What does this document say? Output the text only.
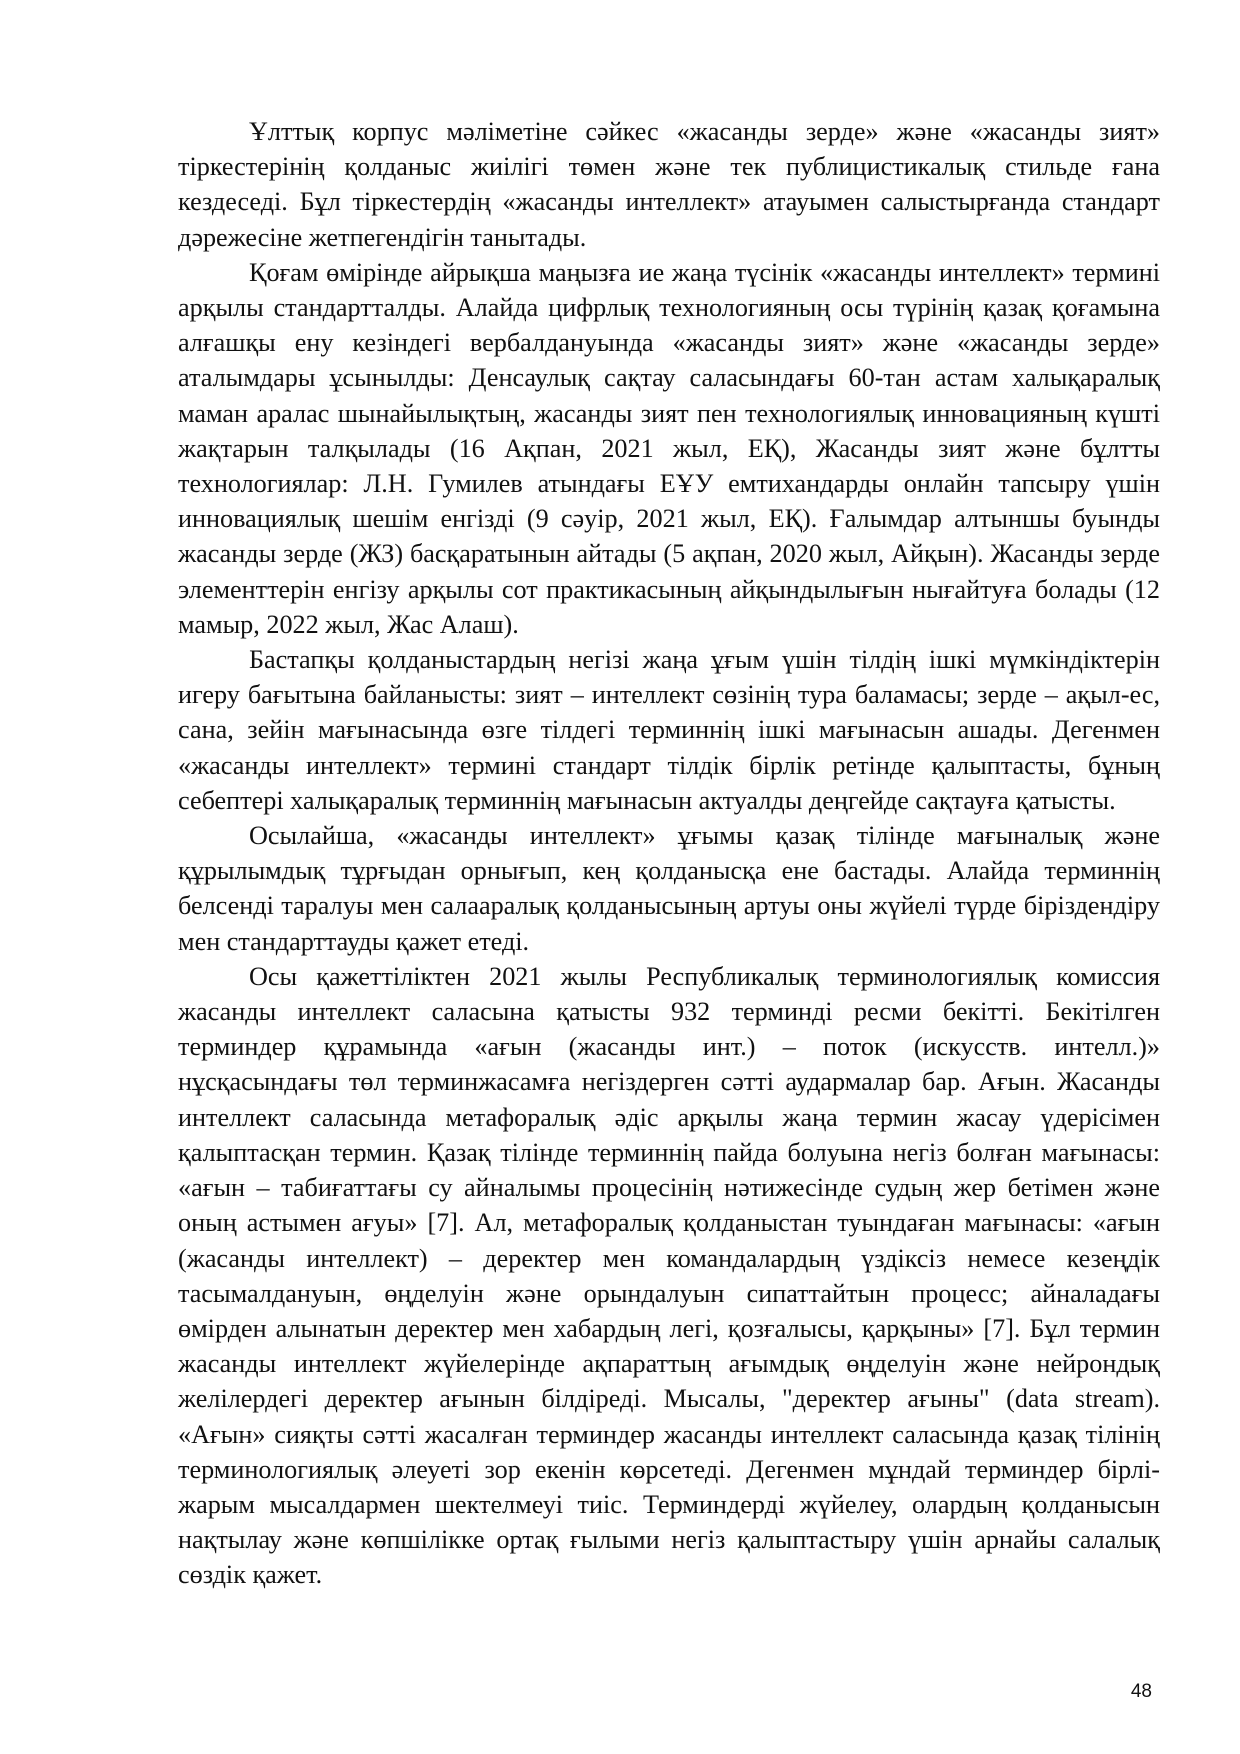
Ұлттық корпус мәліметіне сәйкес «жасанды зерде» және «жасанды зият» тіркестерінің қолданыс жиілігі төмен және тек публицистикалық стильде ғана кездеседі. Бұл тіркестердің «жасанды интеллект» атауымен салыстырғанда стандарт дәрежесіне жетпегендігін танытады.

Қоғам өмірінде айрықша маңызға ие жаңа түсінік «жасанды интеллект» термині арқылы стандартталды. Алайда цифрлық технологияның осы түрінің қазақ қоғамына алғашқы ену кезіндегі вербалдануында «жасанды зият» және «жасанды зерде» аталымдары ұсынылды: Денсаулық сақтау саласындағы 60-тан астам халықаралық маман аралас шынайылықтың, жасанды зият пен технологиялық инновацияның күшті жақтарын талқылады (16 Ақпан, 2021 жыл, ЕҚ), Жасанды зият және бұлтты технологиялар: Л.Н. Гумилев атындағы ЕҰУ емтихандарды онлайн тапсыру үшін инновациялық шешім енгізді (9 сәуір, 2021 жыл, ЕҚ). Ғалымдар алтыншы буынды жасанды зерде (ЖЗ) басқаратынын айтады (5 ақпан, 2020 жыл, Айқын). Жасанды зерде элементтерін енгізу арқылы сот практикасының айқындылығын нығайтуға болады (12 мамыр, 2022 жыл, Жас Алаш).

Бастапқы қолданыстардың негізі жаңа ұғым үшін тілдің ішкі мүмкіндіктерін игеру бағытына байланысты: зият – интеллект сөзінің тура баламасы; зерде – ақыл-ес, сана, зейін мағынасында өзге тілдегі терминнің ішкі мағынасын ашады. Дегенмен «жасанды интеллект» термині стандарт тілдік бірлік ретінде қалыптасты, бұның себептері халықаралық терминнің мағынасын актуалды деңгейде сақтауға қатысты.

Осылайша, «жасанды интеллект» ұғымы қазақ тілінде мағыналық және құрылымдық тұрғыдан орнығып, кең қолданысқа ене бастады. Алайда терминнің белсенді таралуы мен салааралық қолданысының артуы оны жүйелі түрде біріздендіру мен стандарттауды қажет етеді.

Осы қажеттіліктен 2021 жылы Республикалық терминологиялық комиссия жасанды интеллект саласына қатысты 932 терминді ресми бекітті. Бекітілген терминдер құрамында «ағын (жасанды инт.) – поток (искусств. интелл.)» нұсқасындағы төл терминжасамға негіздерген сәтті аудармалар бар. Ағын. Жасанды интеллект саласында метафоралық әдіс арқылы жаңа термин жасау үдерісімен қалыптасқан термин. Қазақ тілінде терминнің пайда болуына негіз болған мағынасы: «ағын – табиғаттағы су айналымы процесінің нәтижесінде судың жер бетімен және оның астымен ағуы» [7]. Ал, метафоралық қолданыстан туындаған мағынасы: «ағын (жасанды интеллект) – деректер мен командалардың үздіксіз немесе кезеңдік тасымалдануын, өңделуін және орындалуын сипаттайтын процесс; айналадағы өмірден алынатын деректер мен хабардың легі, қозғалысы, қарқыны» [7]. Бұл термин жасанды интеллект жүйелерінде ақпараттың ағымдық өңделуін және нейрондық желілердегі деректер ағынын білдіреді. Мысалы, "деректер ағыны" (data stream). «Ағын» сияқты сәтті жасалған терминдер жасанды интеллект саласында қазақ тілінің терминологиялық әлеуеті зор екенін көрсетеді. Дегенмен мұндай терминдер бірлі-жарым мысалдармен шектелмеуі тиіс. Терминдерді жүйелеу, олардың қолданысын нақтылау және көпшілікке ортақ ғылыми негіз қалыптастыру үшін арнайы салалық сөздік қажет.

48
